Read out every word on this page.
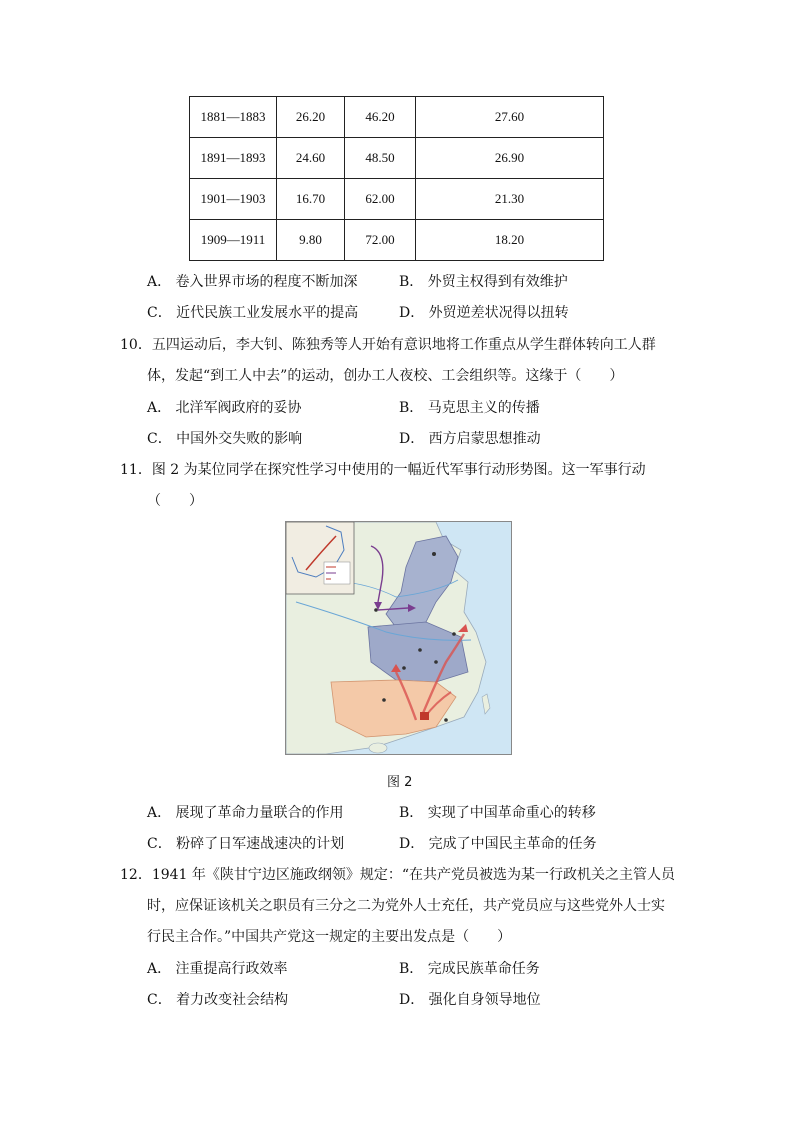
1881—1883	26.20	46.20	27.60
1891—1893	24.60	48.50	26.90
1901—1903	16.70	62.00	21.30
1909—1911	9.80	72.00	18.20
A． 卷入世界市场的程度不断加深	B． 外贸主权得到有效维护
C． 近代民族工业发展水平的提高	D． 外贸逆差状况得以扭转
10．五四运动后，李大钊、陈独秀等人开始有意识地将工作重点从学生群体转向工人群
体，发起“到工人中去”的运动，创办工人夜校、工会组织等。这缘于（　　）
A． 北洋军阀政府的妥协	B． 马克思主义的传播
C． 中国外交失败的影响	D． 西方启蒙思想推动
11．图 2 为某位同学在探究性学习中使用的一幅近代军事行动形势图。这一军事行动
（　　）
图 2
A． 展现了革命力量联合的作用	B． 实现了中国革命重心的转移
C． 粉碎了日军速战速决的计划	D． 完成了中国民主革命的任务
12．1941 年《陕甘宁边区施政纲领》规定：“在共产党员被选为某一行政机关之主管人员
时，应保证该机关之职员有三分之二为党外人士充任，共产党员应与这些党外人士实
行民主合作。”中国共产党这一规定的主要出发点是（　　）
A． 注重提高行政效率	B． 完成民族革命任务
C． 着力改变社会结构	D． 强化自身领导地位
